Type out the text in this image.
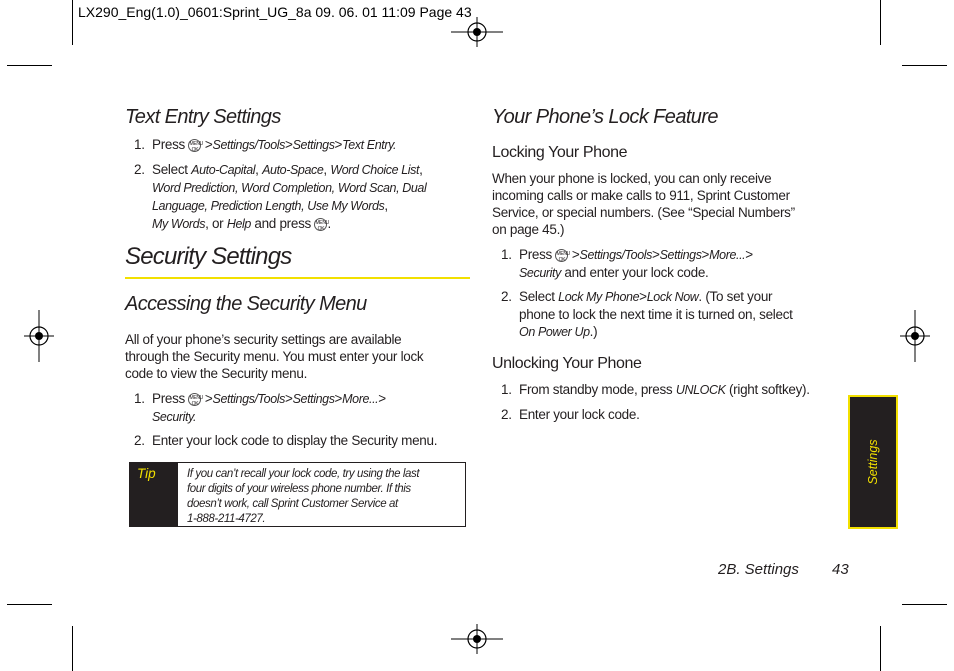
LX290_Eng(1.0)_0601:Sprint_UG_8a 09. 06. 01 11:09 Page 43
Text Entry Settings
1. Press MENU
OK >Settings/Tools>Settings>Text Entry.
2. Select Auto-Capital, Auto-Space, Word Choice List,
Word Prediction, Word Completion, Word Scan, Dual
Language, Prediction Length, Use My Words,
My Words, or Help and press MENU
OK .
Security Settings
Accessing the Security Menu
All of your phone’s security settings are available
through the Security menu. You must enter your lock
code to view the Security menu.
1. Press MENU
OK >Settings/Tools>Settings>More...>
Security.
2. Enter your lock code to display the Security menu.
Tip	If you can’t recall your lock code, try using the last
four digits of your wireless phone number. If this
doesn’t work, call Sprint Customer Service at
1-888-211-4727.
Your Phone’s Lock Feature
Locking Your Phone
When your phone is locked, you can only receive
incoming calls or make calls to 911, Sprint Customer
Service, or special numbers. (See “Special Numbers”
on page 45.)
1. Press MENU
OK >Settings/Tools>Settings>More...>
Security and enter your lock code.
2. Select Lock My Phone>Lock Now. (To set your
phone to lock the next time it is turned on, select
On Power Up.)
Unlocking Your Phone
1. From standby mode, press UNLOCK (right softkey).
2. Enter your lock code.
Settings
2B. Settings 43
